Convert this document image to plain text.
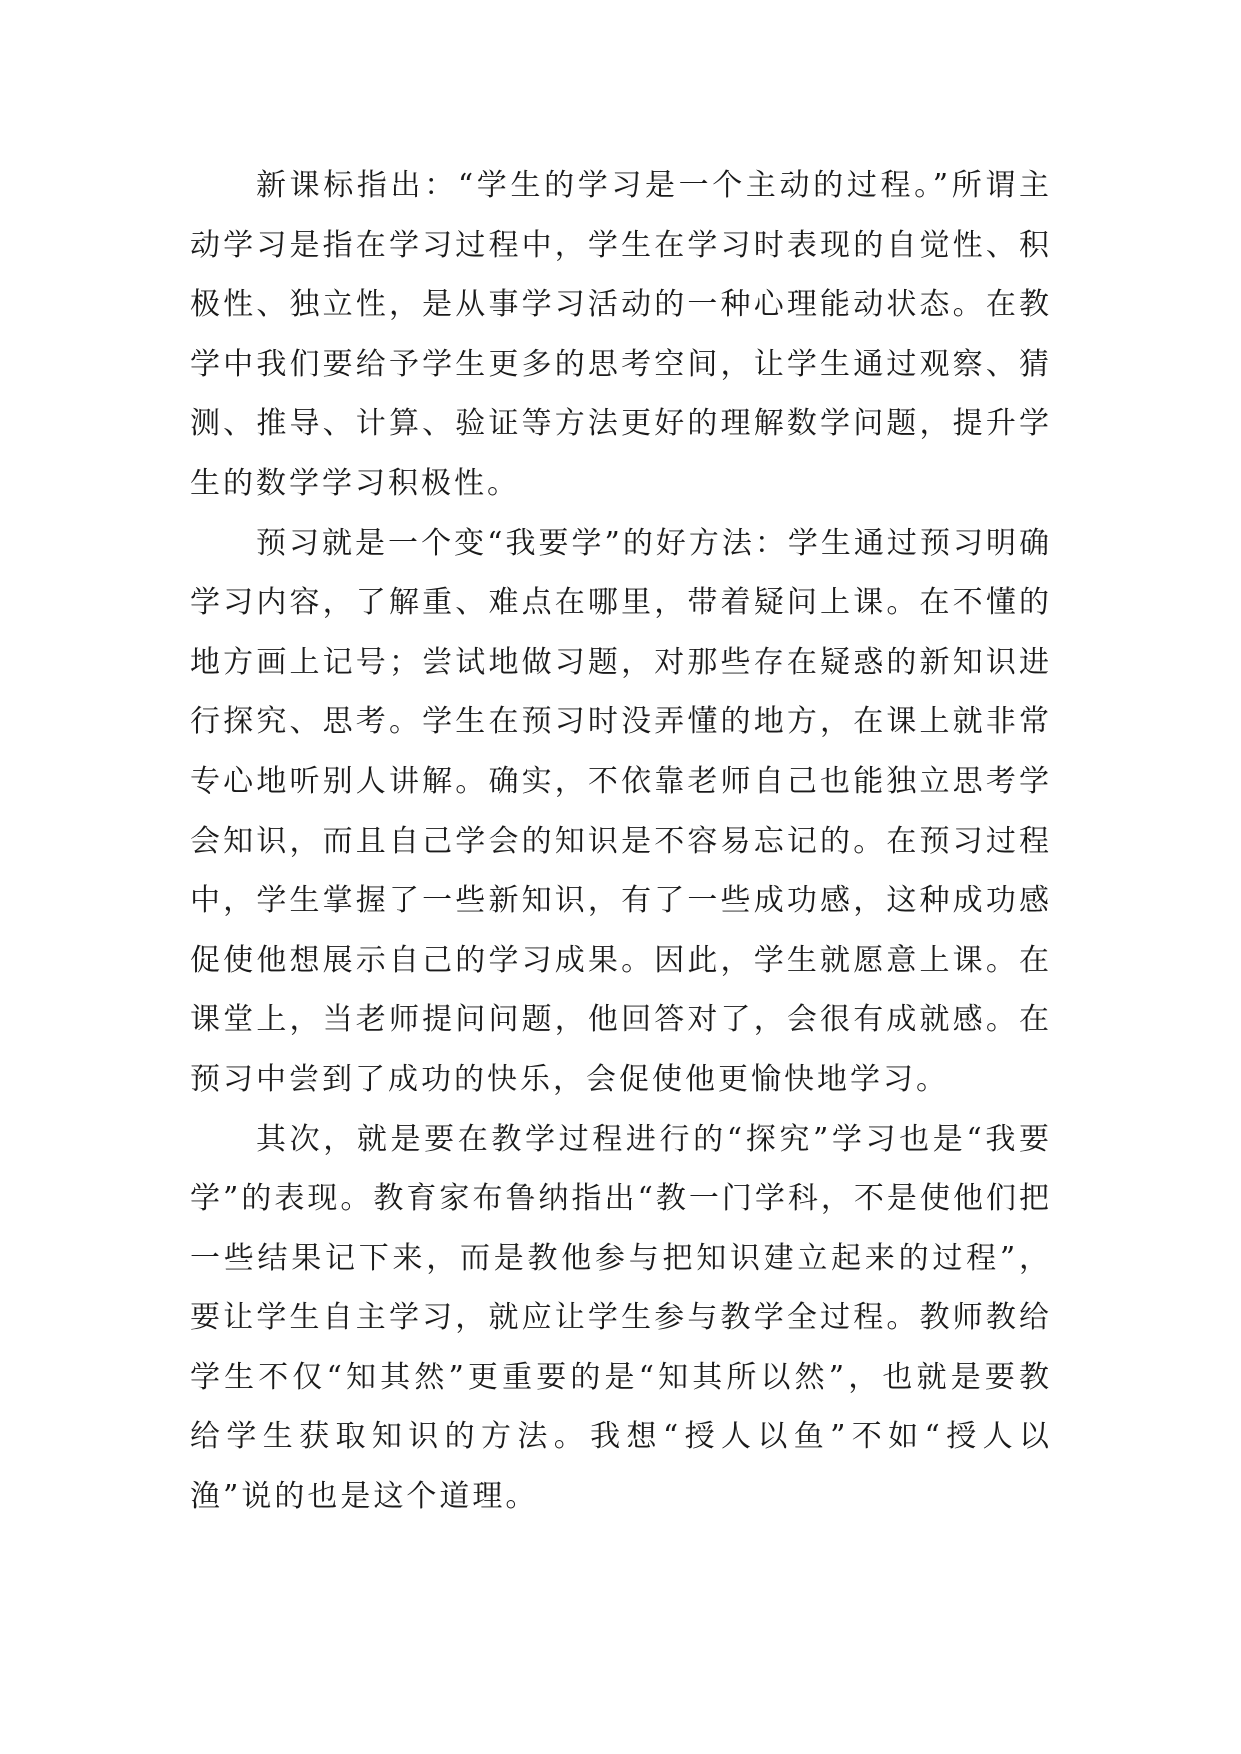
新课标指出：“学生的学习是一个主动的过程。”所谓主动学习是指在学习过程中，学生在学习时表现的自觉性、积极性、独立性，是从事学习活动的一种心理能动状态。在教学中我们要给予学生更多的思考空间，让学生通过观察、猜测、推导、计算、验证等方法更好的理解数学问题，提升学生的数学学习积极性。

预习就是一个变“我要学”的好方法：学生通过预习明确学习内容，了解重、难点在哪里，带着疑问上课。在不懂的地方画上记号；尝试地做习题，对那些存在疑惑的新知识进行探究、思考。学生在预习时没弄懂的地方，在课上就非常专心地听别人讲解。确实，不依靠老师自己也能独立思考学会知识，而且自己学会的知识是不容易忘记的。在预习过程中，学生掌握了一些新知识，有了一些成功感，这种成功感促使他想展示自己的学习成果。因此，学生就愿意上课。在课堂上，当老师提问问题，他回答对了，会很有成就感。在预习中尝到了成功的快乐，会促使他更愉快地学习。

其次，就是要在教学过程进行的“探究”学习也是“我要学”的表现。教育家布鲁纳指出“教一门学科，不是使他们把一些结果记下来，而是教他参与把知识建立起来的过程”，要让学生自主学习，就应让学生参与教学全过程。教师教给学生不仅“知其然”更重要的是“知其所以然”，也就是要教给学生获取知识的方法。我想“授人以鱼”不如“授人以渔”说的也是这个道理。
